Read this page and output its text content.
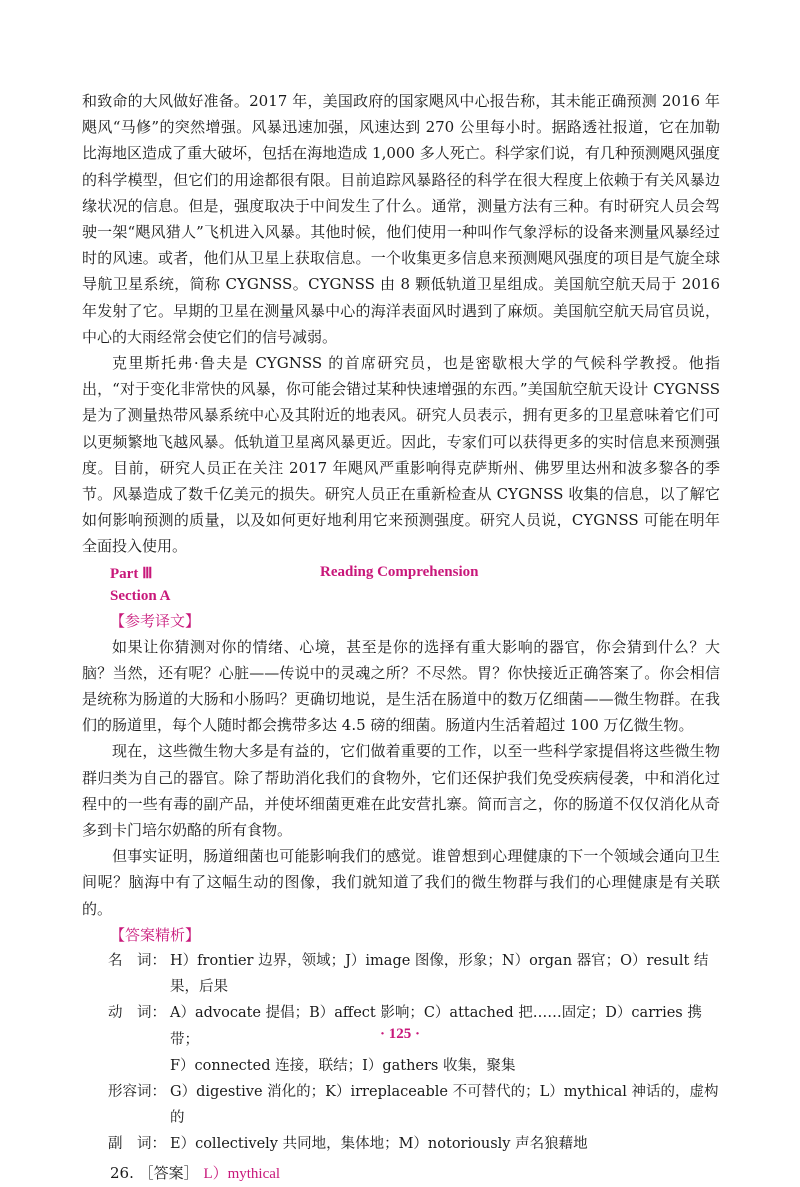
和致命的大风做好准备。2017 年，美国政府的国家飓风中心报告称，其未能正确预测 2016 年飓风“马修”的突然增强。风暴迅速加强，风速达到 270 公里每小时。据路透社报道，它在加勒比海地区造成了重大破坏，包括在海地造成 1,000 多人死亡。科学家们说，有几种预测飓风强度的科学模型，但它们的用途都很有限。目前追踪风暴路径的科学在很大程度上依赖于有关风暴边缘状况的信息。但是，强度取决于中间发生了什么。通常，测量方法有三种。有时研究人员会驾驶一架“飓风猎人”飞机进入风暴。其他时候，他们使用一种叫作气象浮标的设备来测量风暴经过时的风速。或者，他们从卫星上获取信息。一个收集更多信息来预测飓风强度的项目是气旋全球导航卫星系统，简称 CYGNSS。CYGNSS 由 8 颗低轨道卫星组成。美国航空航天局于 2016 年发射了它。早期的卫星在测量风暴中心的海洋表面风时遇到了麻烦。美国航空航天局官员说，中心的大雨经常会使它们的信号减弱。

克里斯托弗·鲁夫是 CYGNSS 的首席研究员，也是密歇根大学的气候科学教授。他指出，“对于变化非常快的风暴，你可能会错过某种快速增强的东西。”美国航空航天设计 CYGNSS 是为了测量热带风暴系统中心及其附近的地表风。研究人员表示，拥有更多的卫星意味着它们可以更频繁地飞越风暴。低轨道卫星离风暴更近。因此，专家们可以获得更多的实时信息来预测强度。目前，研究人员正在关注 2017 年飓风严重影响得克萨斯州、佛罗里达州和波多黎各的季节。风暴造成了数千亿美元的损失。研究人员正在重新检查从 CYGNSS 收集的信息，以了解它如何影响预测的质量，以及如何更好地利用它来预测强度。研究人员说，CYGNSS 可能在明年全面投入使用。

Part Ⅲ	Reading Comprehension
Section A
【参考译文】

如果让你猜测对你的情绪、心境，甚至是你的选择有重大影响的器官，你会猜到什么？大脑？当然，还有呢？心脏——传说中的灵魂之所？不尽然。胃？你快接近正确答案了。你会相信是统称为肠道的大肠和小肠吗？更确切地说，是生活在肠道中的数万亿细菌——微生物群。在我们的肠道里，每个人随时都会携带多达 4.5 磅的细菌。肠道内生活着超过 100 万亿微生物。

现在，这些微生物大多是有益的，它们做着重要的工作，以至一些科学家提倡将这些微生物群归类为自己的器官。除了帮助消化我们的食物外，它们还保护我们免受疾病侵袭，中和消化过程中的一些有毒的副产品，并使坏细菌更难在此安营扎寨。简而言之，你的肠道不仅仅消化从奇多到卡门培尔奶酪的所有食物。

但事实证明，肠道细菌也可能影响我们的感觉。谁曾想到心理健康的下一个领域会通向卫生间呢？脑海中有了这幅生动的图像，我们就知道了我们的微生物群与我们的心理健康是有关联的。

【答案精析】
名　词： H）frontier 边界，领域；J）image 图像，形象；N）organ 器官；O）result 结果，后果
动　词： A）advocate 提倡；B）affect 影响；C）attached 把……固定；D）carries 携带；
F）connected 连接，联结；I）gathers 收集，聚集
形容词： G）digestive 消化的；K）irreplaceable 不可替代的；L）mythical 神话的，虚构的
副　词： E）collectively 共同地，集体地；M）notoriously 声名狼藉地
26. ［答案］ L）mythical
· 125 ·
